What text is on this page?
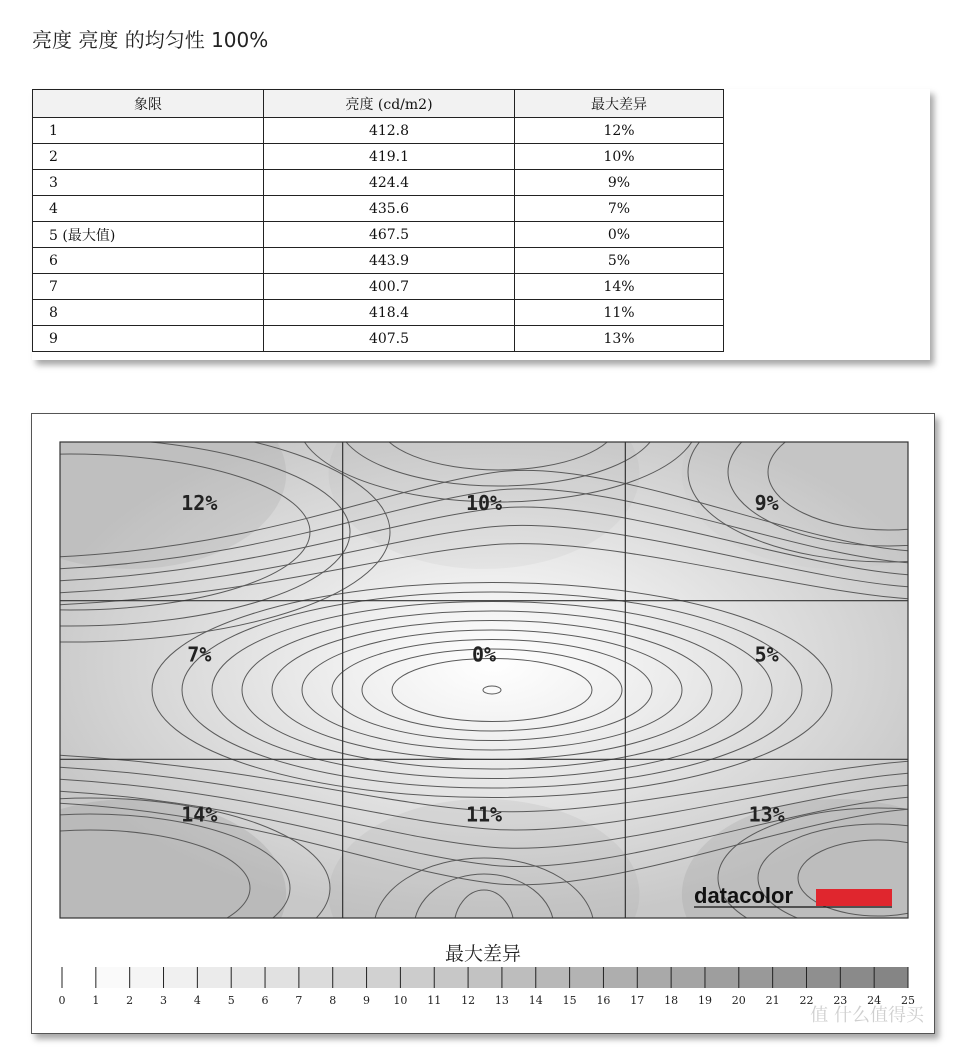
亮度 亮度 的均匀性 100%
象限	亮度 (cd/m2)	最大差异
1	412.8	12%
2	419.1	10%
3	424.4	9%
4	435.6	7%
5 (最大值)	467.5	0%
6	443.9	5%
7	400.7	14%
8	418.4	11%
9	407.5	13%
12%	10%	9%
7%	0%	5%
14%	11%	13%
datacolor
最大差异
0 1 2 3 4 5 6 7 8 9 10 11 12 13 14 15 16 17 18 19 20 21 22 23 24 25
值 什么值得买
